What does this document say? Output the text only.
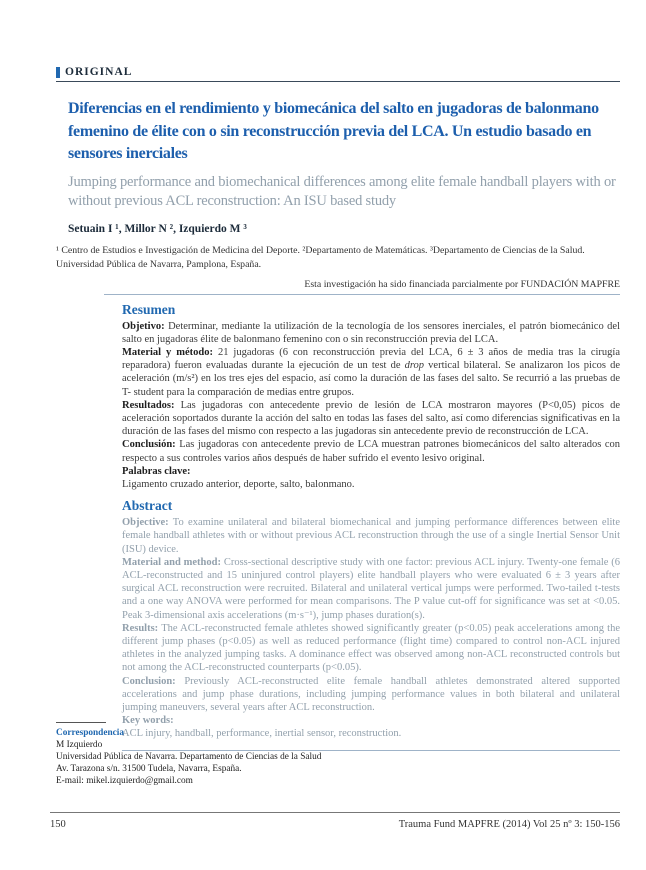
ORIGINAL
Diferencias en el rendimiento y biomecánica del salto en jugadoras de balonmano femenino de élite con o sin reconstrucción previa del LCA. Un estudio basado en sensores inerciales
Jumping performance and biomechanical differences among elite female handball players with or without previous ACL reconstruction: An ISU based study
Setuain I ¹, Millor N ², Izquierdo M ³
¹ Centro de Estudios e Investigación de Medicina del Deporte. ²Departamento de Matemáticas. ³Departamento de Ciencias de la Salud.
Universidad Pública de Navarra, Pamplona, España.
Esta investigación ha sido financiada parcialmente por FUNDACIÓN MAPFRE
Resumen

Objetivo: Determinar, mediante la utilización de la tecnología de los sensores inerciales, el patrón biomecánico del salto en jugadoras élite de balonmano femenino con o sin reconstrucción previa del LCA.

Material y método: 21 jugadoras (6 con reconstrucción previa del LCA, 6 ± 3 años de media tras la cirugía reparadora) fueron evaluadas durante la ejecución de un test de drop vertical bilateral. Se analizaron los picos de aceleración (m/s²) en los tres ejes del espacio, así como la duración de las fases del salto. Se recurrió a las pruebas de T- student para la comparación de medias entre grupos.

Resultados: Las jugadoras con antecedente previo de lesión de LCA mostraron mayores (P<0,05) picos de aceleración soportados durante la acción del salto en todas las fases del salto, así como diferencias significativas en la duración de las fases del mismo con respecto a las jugadoras sin antecedente previo de reconstrucción de LCA.

Conclusión: Las jugadoras con antecedente previo de LCA muestran patrones biomecánicos del salto alterados con respecto a sus controles varios años después de haber sufrido el evento lesivo original.

Palabras clave:
Ligamento cruzado anterior, deporte, salto, balonmano.
Abstract

Objective: To examine unilateral and bilateral biomechanical and jumping performance differences between elite female handball athletes with or without previous ACL reconstruction through the use of a single Inertial Sensor Unit (ISU) device.

Material and method: Cross-sectional descriptive study with one factor: previous ACL injury. Twenty-one female (6 ACL-reconstructed and 15 uninjured control players) elite handball players who were evaluated 6 ± 3 years after surgical ACL reconstruction were recruited. Bilateral and unilateral vertical jumps were performed. Two-tailed t-tests and a one way ANOVA were performed for mean comparisons. The P value cut-off for significance was set at <0.05. Peak 3-dimensional axis accelerations (m·s⁻¹), jump phases duration(s).

Results: The ACL-reconstructed female athletes showed significantly greater (p<0.05) peak accelerations among the different jump phases (p<0.05) as well as reduced performance (flight time) compared to control non-ACL injured athletes in the analyzed jumping tasks. A dominance effect was observed among non-ACL reconstructed controls but not among the ACL-reconstructed counterparts (p<0.05).

Conclusion: Previously ACL-reconstructed elite female handball athletes demonstrated altered supported accelerations and jump phase durations, including jumping performance values in both bilateral and unilateral jumping maneuvers, several years after ACL reconstruction.

Key words:
ACL injury, handball, performance, inertial sensor, reconstruction.
Correspondencia
M Izquierdo
Universidad Pública de Navarra. Departamento de Ciencias de la Salud
Av. Tarazona s/n. 31500 Tudela, Navarra, España.
E-mail: mikel.izquierdo@gmail.com
150	Trauma Fund MAPFRE (2014) Vol 25 nº 3: 150-156
